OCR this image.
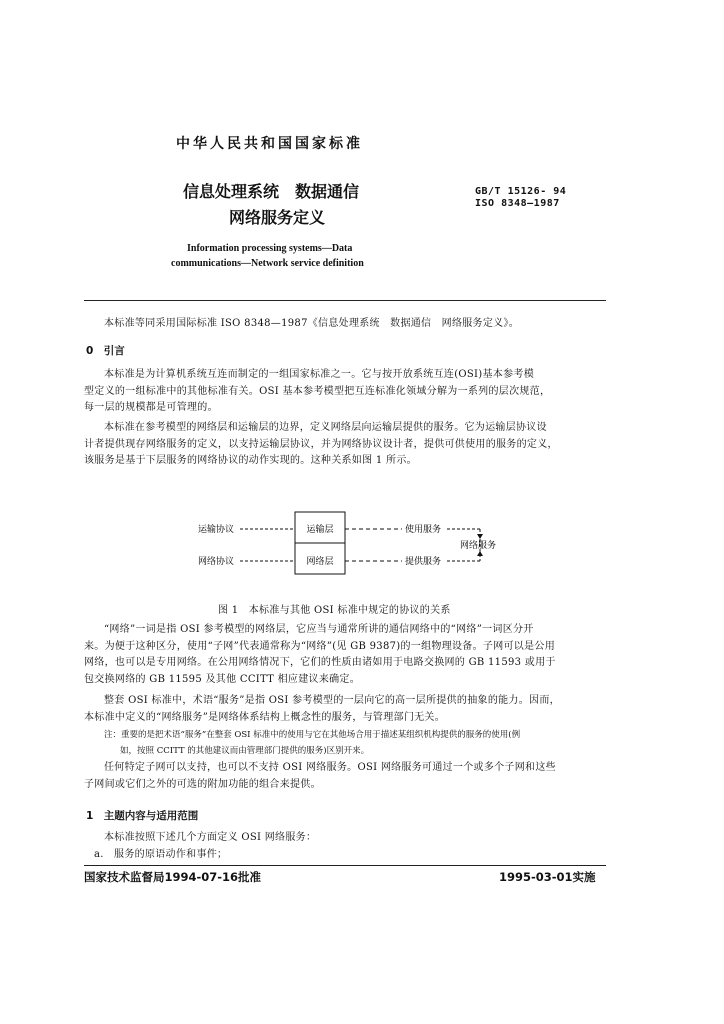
中华人民共和国国家标准
信息处理系统　数据通信
网络服务定义
GB/T 15126- 94
ISO 8348—1987
Information processing systems—Data
communications—Network service definition
本标准等同采用国际标准 ISO 8348—1987《信息处理系统　数据通信　网络服务定义》。
0　引言
本标准是为计算机系统互连而制定的一组国家标准之一。它与按开放系统互连(OSI)基本参考模
型定义的一组标准中的其他标准有关。OSI 基本参考模型把互连标准化领域分解为一系列的层次规范，
每一层的规模都是可管理的。
本标准在参考模型的网络层和运输层的边界，定义网络层向运输层提供的服务。它为运输层协议设
计者提供现存网络服务的定义，以支持运输层协议，并为网络协议设计者，提供可供使用的服务的定义，
该服务是基于下层服务的网络协议的动作实现的。这种关系如图 1 所示。
运输层
网络层
运输协议
网络协议
使用服务
提供服务
网络服务
图 1　本标准与其他 OSI 标准中规定的协议的关系
“网络”一词是指 OSI 参考模型的网络层，它应当与通常所讲的通信网络中的“网络”一词区分开
来。为便于这种区分，使用“子网”代表通常称为“网络”(见 GB 9387)的一组物理设备。子网可以是公用
网络，也可以是专用网络。在公用网络情况下，它们的性质由诸如用于电路交换网的 GB 11593 或用于
包交换网络的 GB 11595 及其他 CCITT 相应建议来确定。
整套 OSI 标准中，术语“服务”是指 OSI 参考模型的一层向它的高一层所提供的抽象的能力。因而，
本标准中定义的“网络服务”是网络体系结构上概念性的服务，与管理部门无关。
注：重要的是把术语“服务”在整套 OSI 标准中的使用与它在其他场合用于描述某组织机构提供的服务的使用(例
如，按照 CCITT 的其他建议而由管理部门提供的服务)区别开来。
任何特定子网可以支持，也可以不支持 OSI 网络服务。OSI 网络服务可通过一个或多个子网和这些
子网间或它们之外的可选的附加功能的组合来提供。
1　主题内容与适用范围
本标准按照下述几个方面定义 OSI 网络服务：
a.　服务的原语动作和事件；
国家技术监督局1994-07-16批准	1995-03-01实施
